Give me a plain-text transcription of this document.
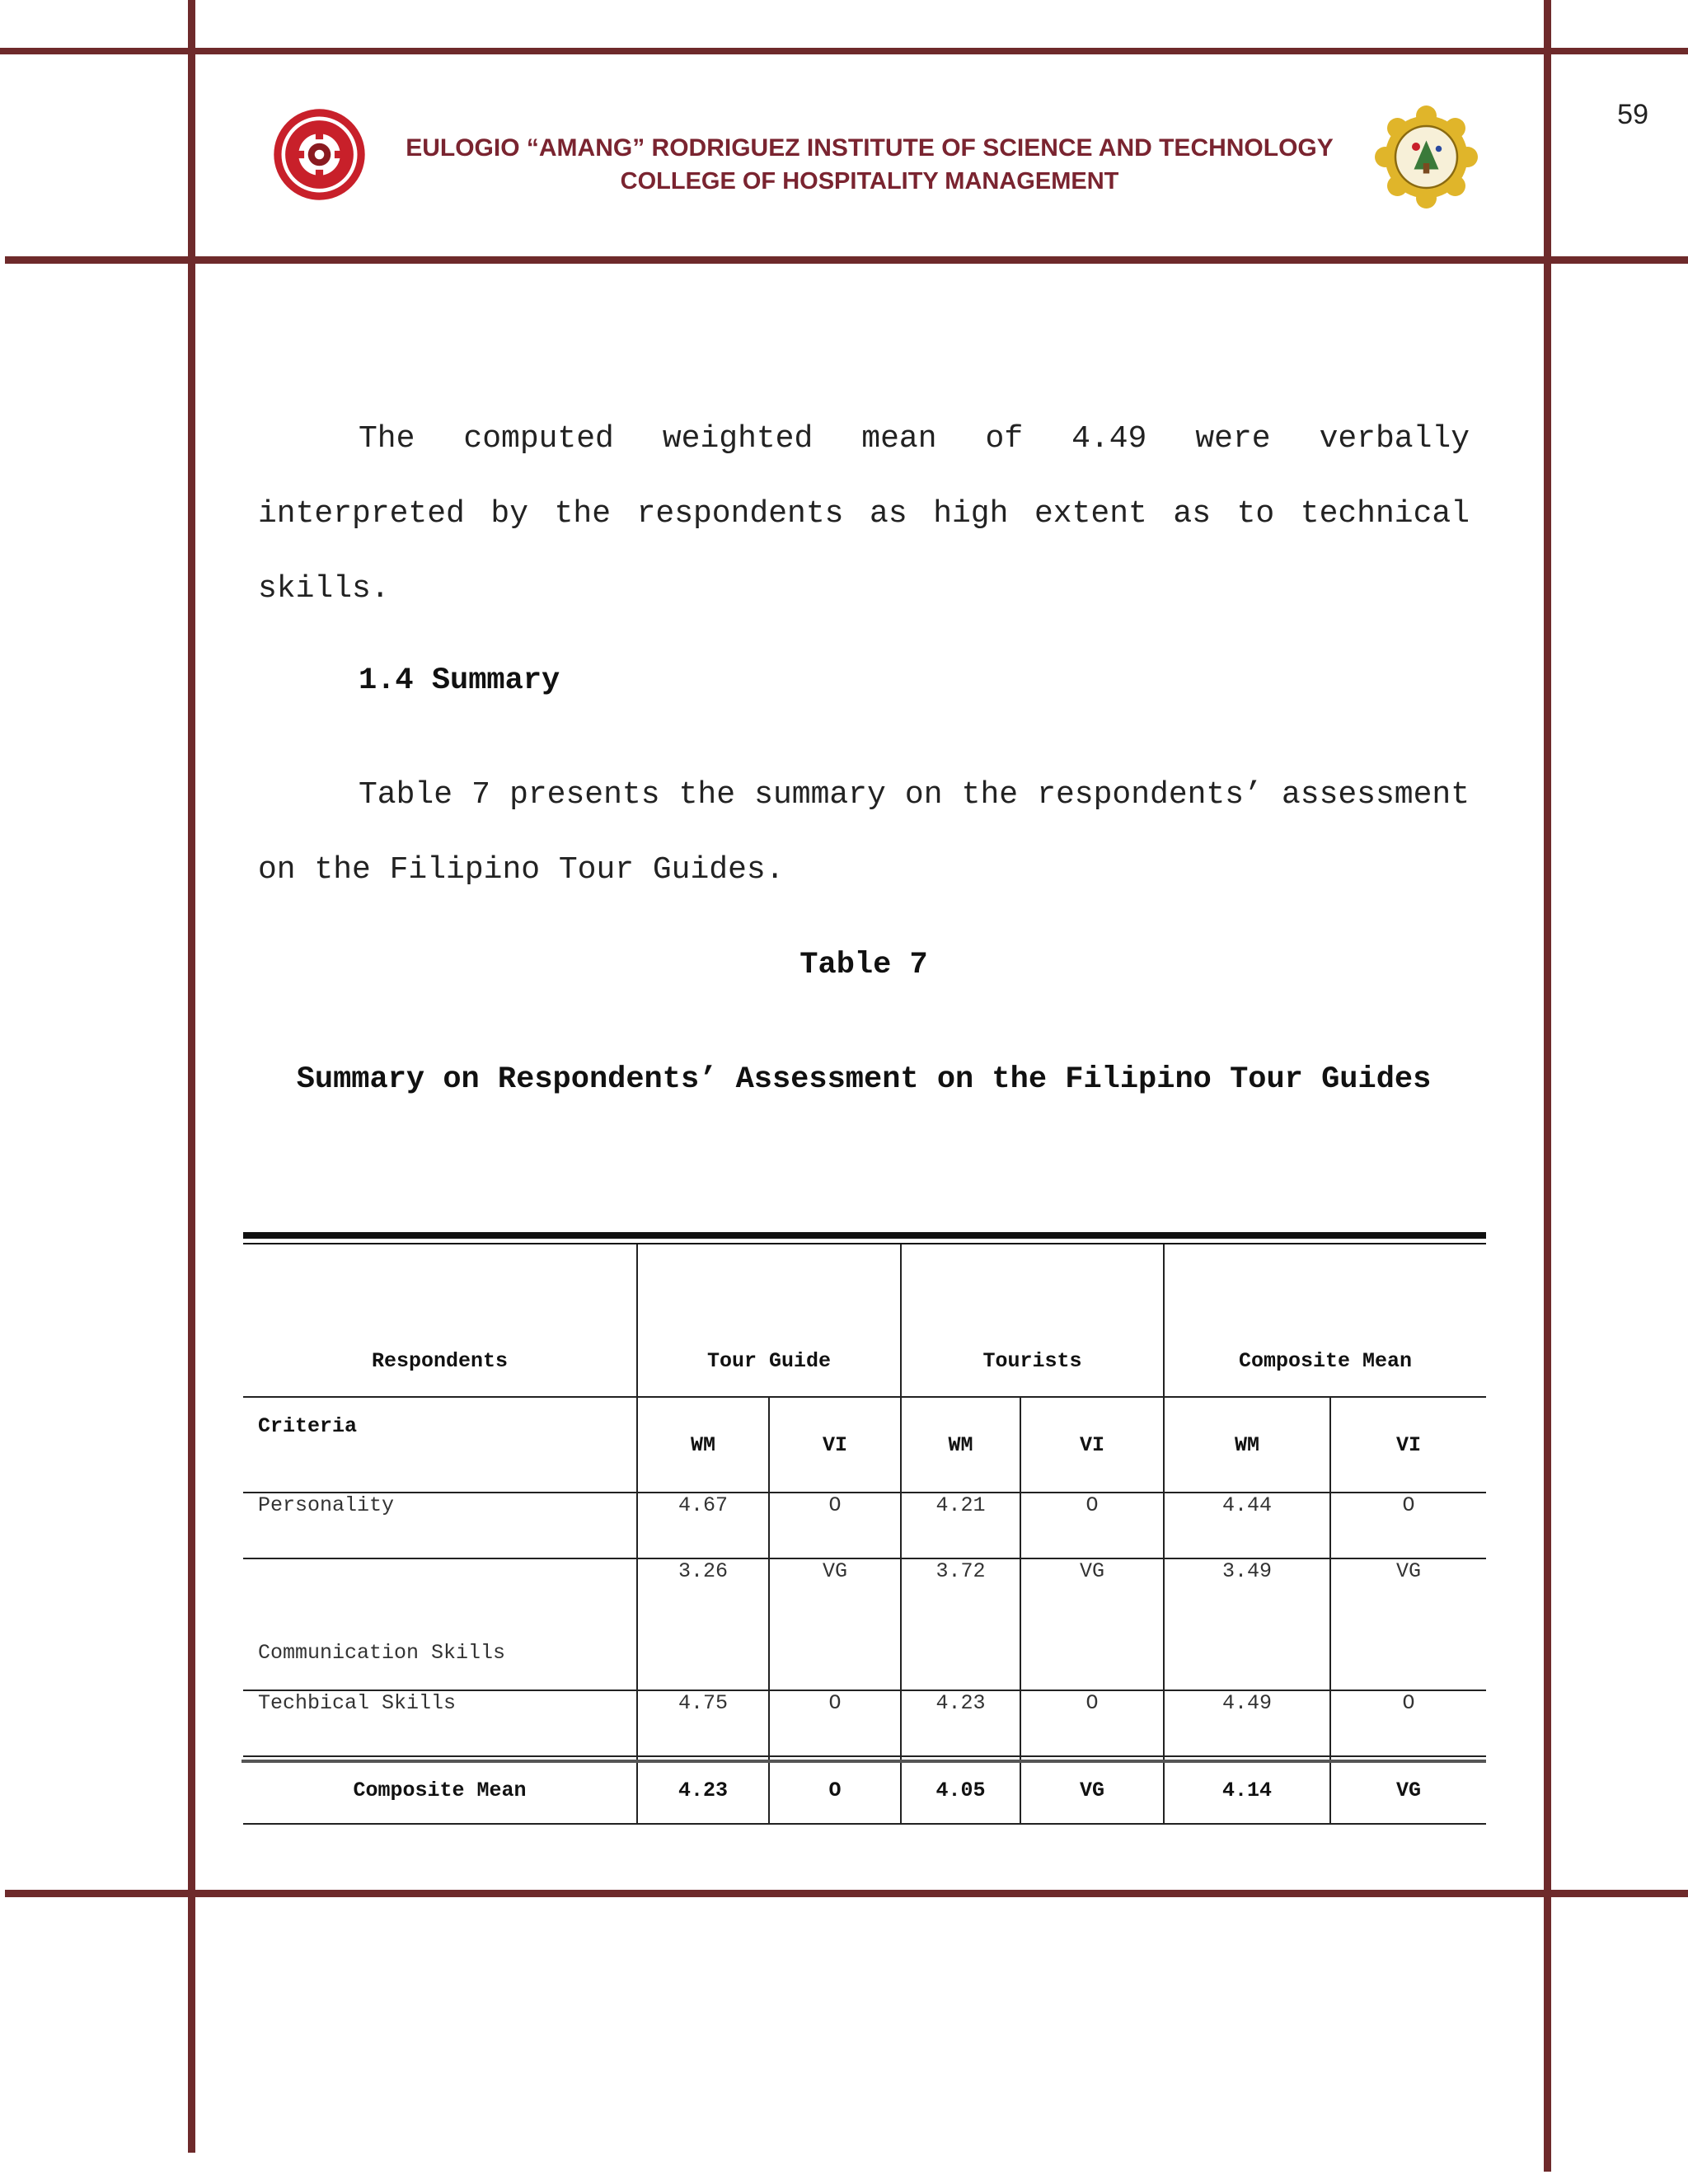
59
EULOGIO “AMANG” RODRIGUEZ INSTITUTE OF SCIENCE AND TECHNOLOGY
COLLEGE OF HOSPITALITY MANAGEMENT
The computed weighted mean of 4.49 were verbally interpreted by the respondents as high extent as to technical skills.
1.4 Summary
Table 7 presents the summary on the respondents’ assessment on the Filipino Tour Guides.
Table 7
Summary on Respondents’ Assessment on the Filipino Tour Guides
Respondents	Tour Guide		Tourists		Composite Mean	
Criteria	WM	VI	WM	VI	WM	VI
Personality	4.67	O	4.21	O	4.44	O
Communication Skills	3.26	VG	3.72	VG	3.49	VG
Techbical Skills	4.75	O	4.23	O	4.49	O
Composite Mean	4.23	O	4.05	VG	4.14	VG
